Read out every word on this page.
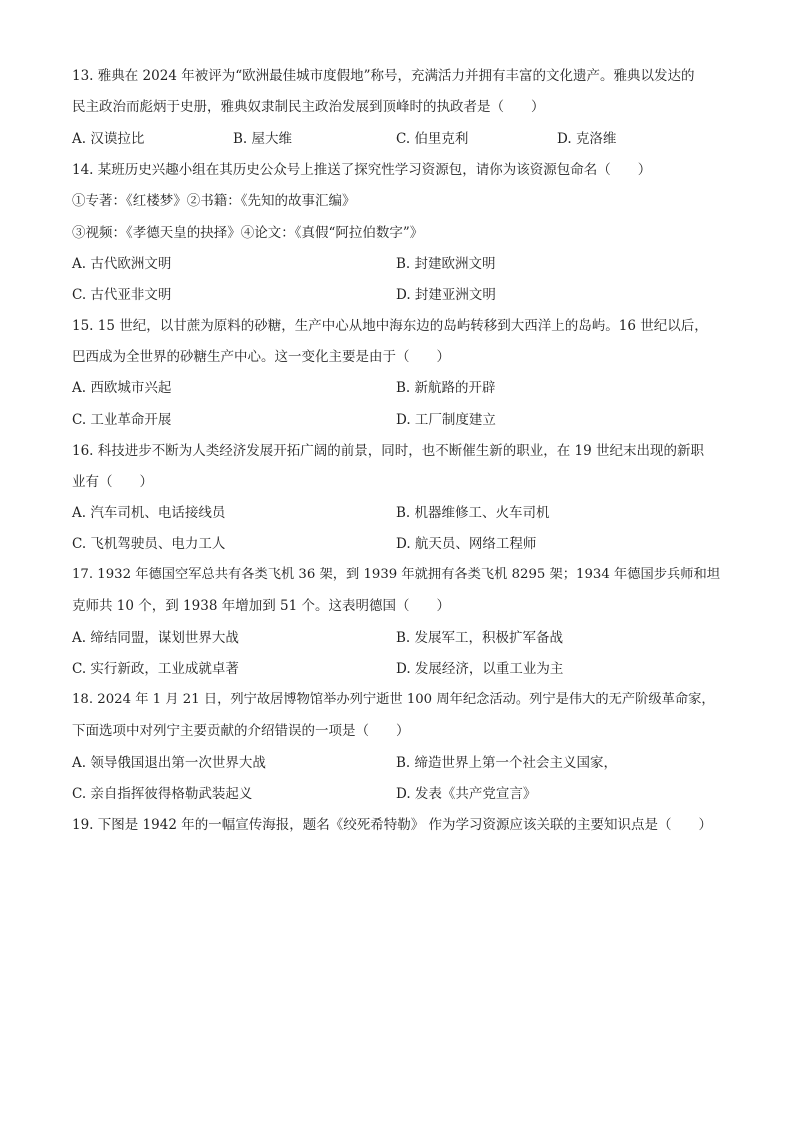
13. 雅典在 2024 年被评为“欧洲最佳城市度假地”称号，充满活力并拥有丰富的文化遗产。雅典以发达的
民主政治而彪炳于史册，雅典奴隶制民主政治发展到顶峰时的执政者是（　　）
A. 汉谟拉比	B. 屋大维	C. 伯里克利	D. 克洛维
14. 某班历史兴趣小组在其历史公众号上推送了探究性学习资源包，请你为该资源包命名（　　）
①专著：《红楼梦》②书籍：《先知的故事汇编》
③视频：《孝德天皇的抉择》④论文：《真假“阿拉伯数字”》
A. 古代欧洲文明	B. 封建欧洲文明
C. 古代亚非文明	D. 封建亚洲文明
15. 15 世纪，以甘蔗为原料的砂糖，生产中心从地中海东边的岛屿转移到大西洋上的岛屿。16 世纪以后，
巴西成为全世界的砂糖生产中心。这一变化主要是由于（　　）
A. 西欧城市兴起	B. 新航路的开辟
C. 工业革命开展	D. 工厂制度建立
16. 科技进步不断为人类经济发展开拓广阔的前景，同时，也不断催生新的职业，在 19 世纪末出现的新职
业有（　　）
A. 汽车司机、电话接线员	B. 机器维修工、火车司机
C. 飞机驾驶员、电力工人	D. 航天员、网络工程师
17. 1932 年德国空军总共有各类飞机 36 架，到 1939 年就拥有各类飞机 8295 架；1934 年德国步兵师和坦
克师共 10 个，到 1938 年增加到 51 个。这表明德国（　　）
A. 缔结同盟，谋划世界大战	B. 发展军工，积极扩军备战
C. 实行新政，工业成就卓著	D. 发展经济，以重工业为主
18. 2024 年 1 月 21 日，列宁故居博物馆举办列宁逝世 100 周年纪念活动。列宁是伟大的无产阶级革命家，
下面选项中对列宁主要贡献的介绍错误的一项是（　　）
A. 领导俄国退出第一次世界大战	B. 缔造世界上第一个社会主义国家，
C. 亲自指挥彼得格勒武装起义	D. 发表《共产党宣言》
19. 下图是 1942 年的一幅宣传海报，题名《绞死希特勒》 作为学习资源应该关联的主要知识点是（　　）
